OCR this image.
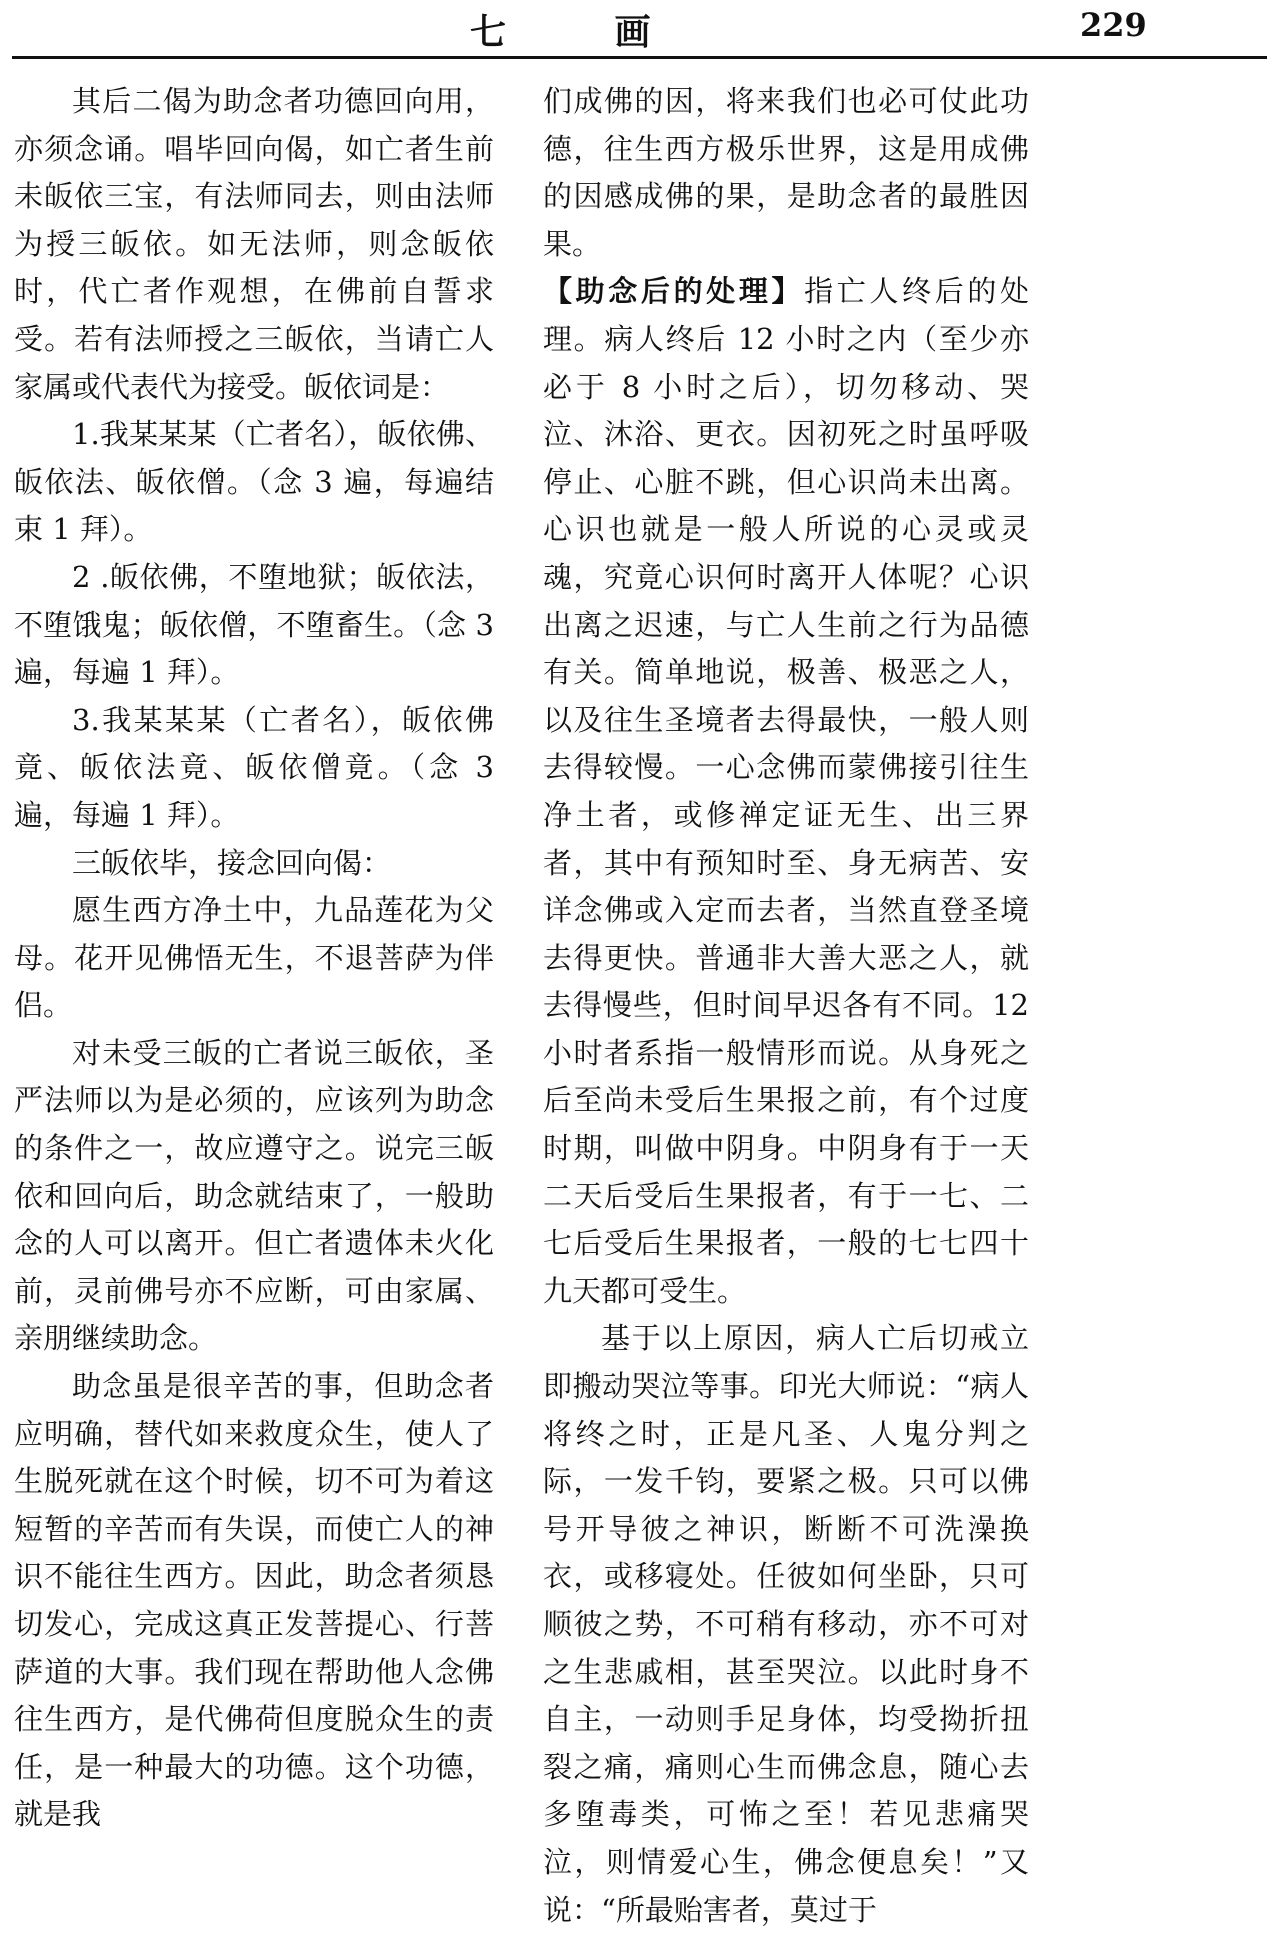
七 画	229

其后二偈为助念者功德回向用，亦须念诵。唱毕回向偈，如亡者生前未皈依三宝，有法师同去，则由法师为授三皈依。如无法师，则念皈依时，代亡者作观想，在佛前自誓求受。若有法师授之三皈依，当请亡人家属或代表代为接受。皈依词是：

1.我某某某（亡者名），皈依佛、皈依法、皈依僧。（念 3 遍，每遍结束 1 拜）。

2 .皈依佛，不堕地狱；皈依法，不堕饿鬼；皈依僧，不堕畜生。（念 3 遍，每遍 1 拜）。

3.我某某某（亡者名），皈依佛竟、皈依法竟、皈依僧竟。（念 3 遍，每遍 1 拜）。

三皈依毕，接念回向偈：

愿生西方净土中，九品莲花为父母。花开见佛悟无生，不退菩萨为伴侣。

对未受三皈的亡者说三皈依，圣严法师以为是必须的，应该列为助念的条件之一，故应遵守之。说完三皈依和回向后，助念就结束了，一般助念的人可以离开。但亡者遗体未火化前，灵前佛号亦不应断，可由家属、亲朋继续助念。

助念虽是很辛苦的事，但助念者应明确，替代如来救度众生，使人了生脱死就在这个时候，切不可为着这短暂的辛苦而有失误，而使亡人的神识不能往生西方。因此，助念者须恳切发心，完成这真正发菩提心、行菩萨道的大事。我们现在帮助他人念佛往生西方，是代佛荷但度脱众生的责任，是一种最大的功德。这个功德，就是我

们成佛的因，将来我们也必可仗此功德，往生西方极乐世界，这是用成佛的因感成佛的果，是助念者的最胜因果。

【助念后的处理】指亡人终后的处理。病人终后 12 小时之内（至少亦必于 8 小时之后），切勿移动、哭泣、沐浴、更衣。因初死之时虽呼吸停止、心脏不跳，但心识尚未出离。心识也就是一般人所说的心灵或灵魂，究竟心识何时离开人体呢？心识出离之迟速，与亡人生前之行为品德有关。简单地说，极善、极恶之人，以及往生圣境者去得最快，一般人则去得较慢。一心念佛而蒙佛接引往生净土者，或修禅定证无生、出三界者，其中有预知时至、身无病苦、安详念佛或入定而去者，当然直登圣境去得更快。普通非大善大恶之人，就去得慢些，但时间早迟各有不同。12 小时者系指一般情形而说。从身死之后至尚未受后生果报之前，有个过度时期，叫做中阴身。中阴身有于一天二天后受后生果报者，有于一七、二七后受后生果报者，一般的七七四十九天都可受生。

基于以上原因，病人亡后切戒立即搬动哭泣等事。印光大师说：“病人将终之时，正是凡圣、人鬼分判之际，一发千钧，要紧之极。只可以佛号开导彼之神识，断断不可洗澡换衣，或移寝处。任彼如何坐卧，只可顺彼之势，不可稍有移动，亦不可对之生悲戚相，甚至哭泣。以此时身不自主，一动则手足身体，均受拗折扭裂之痛，痛则心生而佛念息，随心去多堕毒类，可怖之至！若见悲痛哭泣，则情爱心生，佛念便息矣！”又说：“所最贻害者，莫过于
